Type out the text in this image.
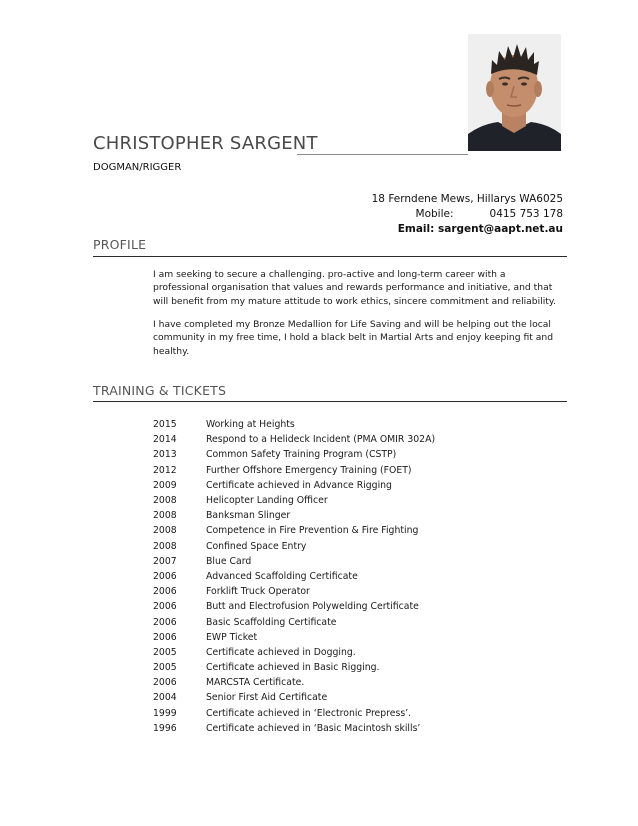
CHRISTOPHER SARGENT
DOGMAN/RIGGER
18 Ferndene Mews, Hillarys WA6025
Mobile:	0415 753 178
Email: sargent@aapt.net.au
PROFILE

I am seeking to secure a challenging. pro-active and long-term career with a professional organisation that values and rewards performance and initiative, and that will benefit from my mature attitude to work ethics, sincere commitment and reliability.

I have completed my Bronze Medallion for Life Saving and will be helping out the local community in my free time, I hold a black belt in Martial Arts and enjoy keeping fit and healthy.

TRAINING & TICKETS
2015	Working at Heights
2014	Respond to a Helideck Incident (PMA OMIR 302A)
2013	Common Safety Training Program (CSTP)
2012	Further Offshore Emergency Training (FOET)
2009	Certificate achieved in Advance Rigging
2008	Helicopter Landing Officer
2008	Banksman Slinger
2008	Competence in Fire Prevention & Fire Fighting
2008	Confined Space Entry
2007	Blue Card
2006	Advanced Scaffolding Certificate
2006	Forklift Truck Operator
2006	Butt and Electrofusion Polywelding Certificate
2006	Basic Scaffolding Certificate
2006	EWP Ticket
2005	Certificate achieved in Dogging.
2005	Certificate achieved in Basic Rigging.
2006	MARCSTA Certificate.
2004	Senior First Aid Certificate
1999	Certificate achieved in ‘Electronic Prepress’.
1996	Certificate achieved in ‘Basic Macintosh skills’
